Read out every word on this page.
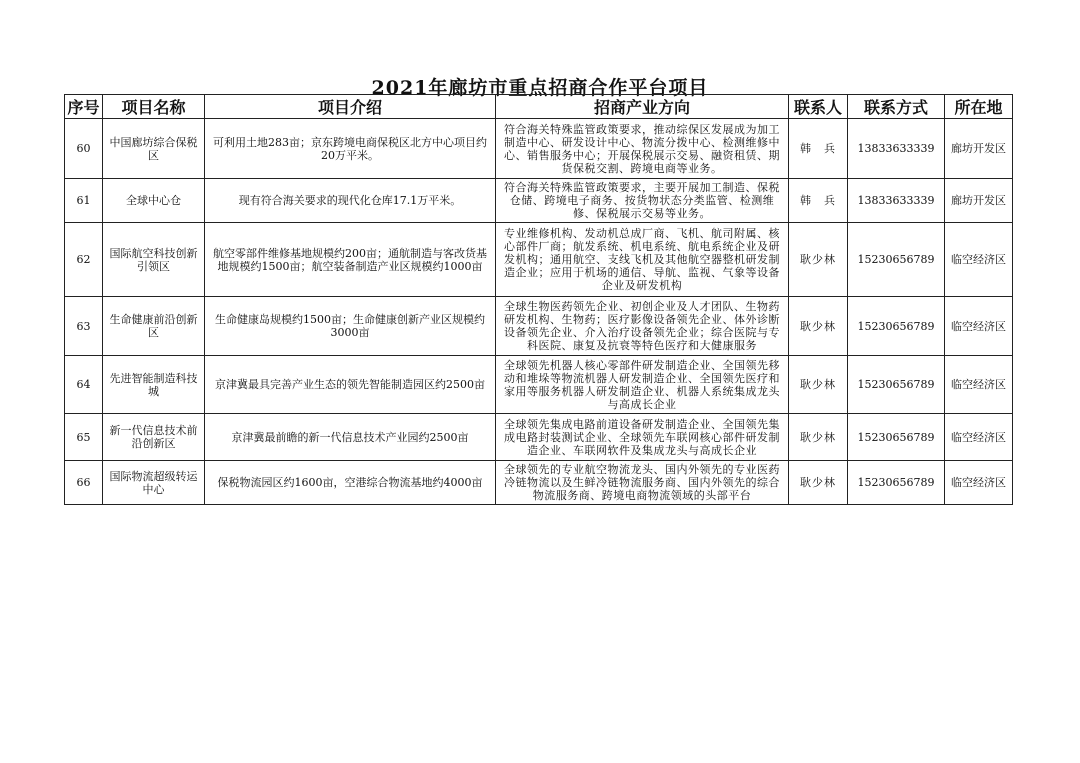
2021年廊坊市重点招商合作平台项目
序号	项目名称	项目介绍	招商产业方向	联系人	联系方式	所在地
60	中国廊坊综合保税区	可利用土地283亩；京东跨境电商保税区北方中心项目约20万平米。	符合海关特殊监管政策要求，推动综保区发展成为加工制造中心、研发设计中心、物流分拨中心、检测维修中心、销售服务中心；开展保税展示交易、融资租赁、期货保税交割、跨境电商等业务。	韩　兵	13833633339	廊坊开发区
61	全球中心仓	现有符合海关要求的现代化仓库17.1万平米。	符合海关特殊监管政策要求，主要开展加工制造、保税仓储、跨境电子商务、按货物状态分类监管、检测维修、保税展示交易等业务。	韩　兵	13833633339	廊坊开发区
62	国际航空科技创新引领区	航空零部件维修基地规模约200亩；通航制造与客改货基地规模约1500亩；航空装备制造产业区规模约1000亩	专业维修机构、发动机总成厂商、飞机、航司附属、核心部件厂商；航发系统、机电系统、航电系统企业及研发机构；通用航空、支线飞机及其他航空器整机研发制造企业；应用于机场的通信、导航、监视、气象等设备企业及研发机构	耿少林	15230656789	临空经济区
63	生命健康前沿创新区	生命健康岛规模约1500亩；生命健康创新产业区规模约3000亩	全球生物医药领先企业、初创企业及人才团队、生物药研发机构、生物药；医疗影像设备领先企业、体外诊断设备领先企业、介入治疗设备领先企业；综合医院与专科医院、康复及抗衰等特色医疗和大健康服务	耿少林	15230656789	临空经济区
64	先进智能制造科技城	京津冀最具完善产业生态的领先智能制造园区约2500亩	全球领先机器人核心零部件研发制造企业、全国领先移动和堆垛等物流机器人研发制造企业、全国领先医疗和家用等服务机器人研发制造企业、机器人系统集成龙头与高成长企业	耿少林	15230656789	临空经济区
65	新一代信息技术前沿创新区	京津冀最前瞻的新一代信息技术产业园约2500亩	全球领先集成电路前道设备研发制造企业、全国领先集成电路封装测试企业、全球领先车联网核心部件研发制造企业、车联网软件及集成龙头与高成长企业	耿少林	15230656789	临空经济区
66	国际物流超级转运中心	保税物流园区约1600亩，空港综合物流基地约4000亩	全球领先的专业航空物流龙头、国内外领先的专业医药冷链物流以及生鲜冷链物流服务商、国内外领先的综合物流服务商、跨境电商物流领域的头部平台	耿少林	15230656789	临空经济区
